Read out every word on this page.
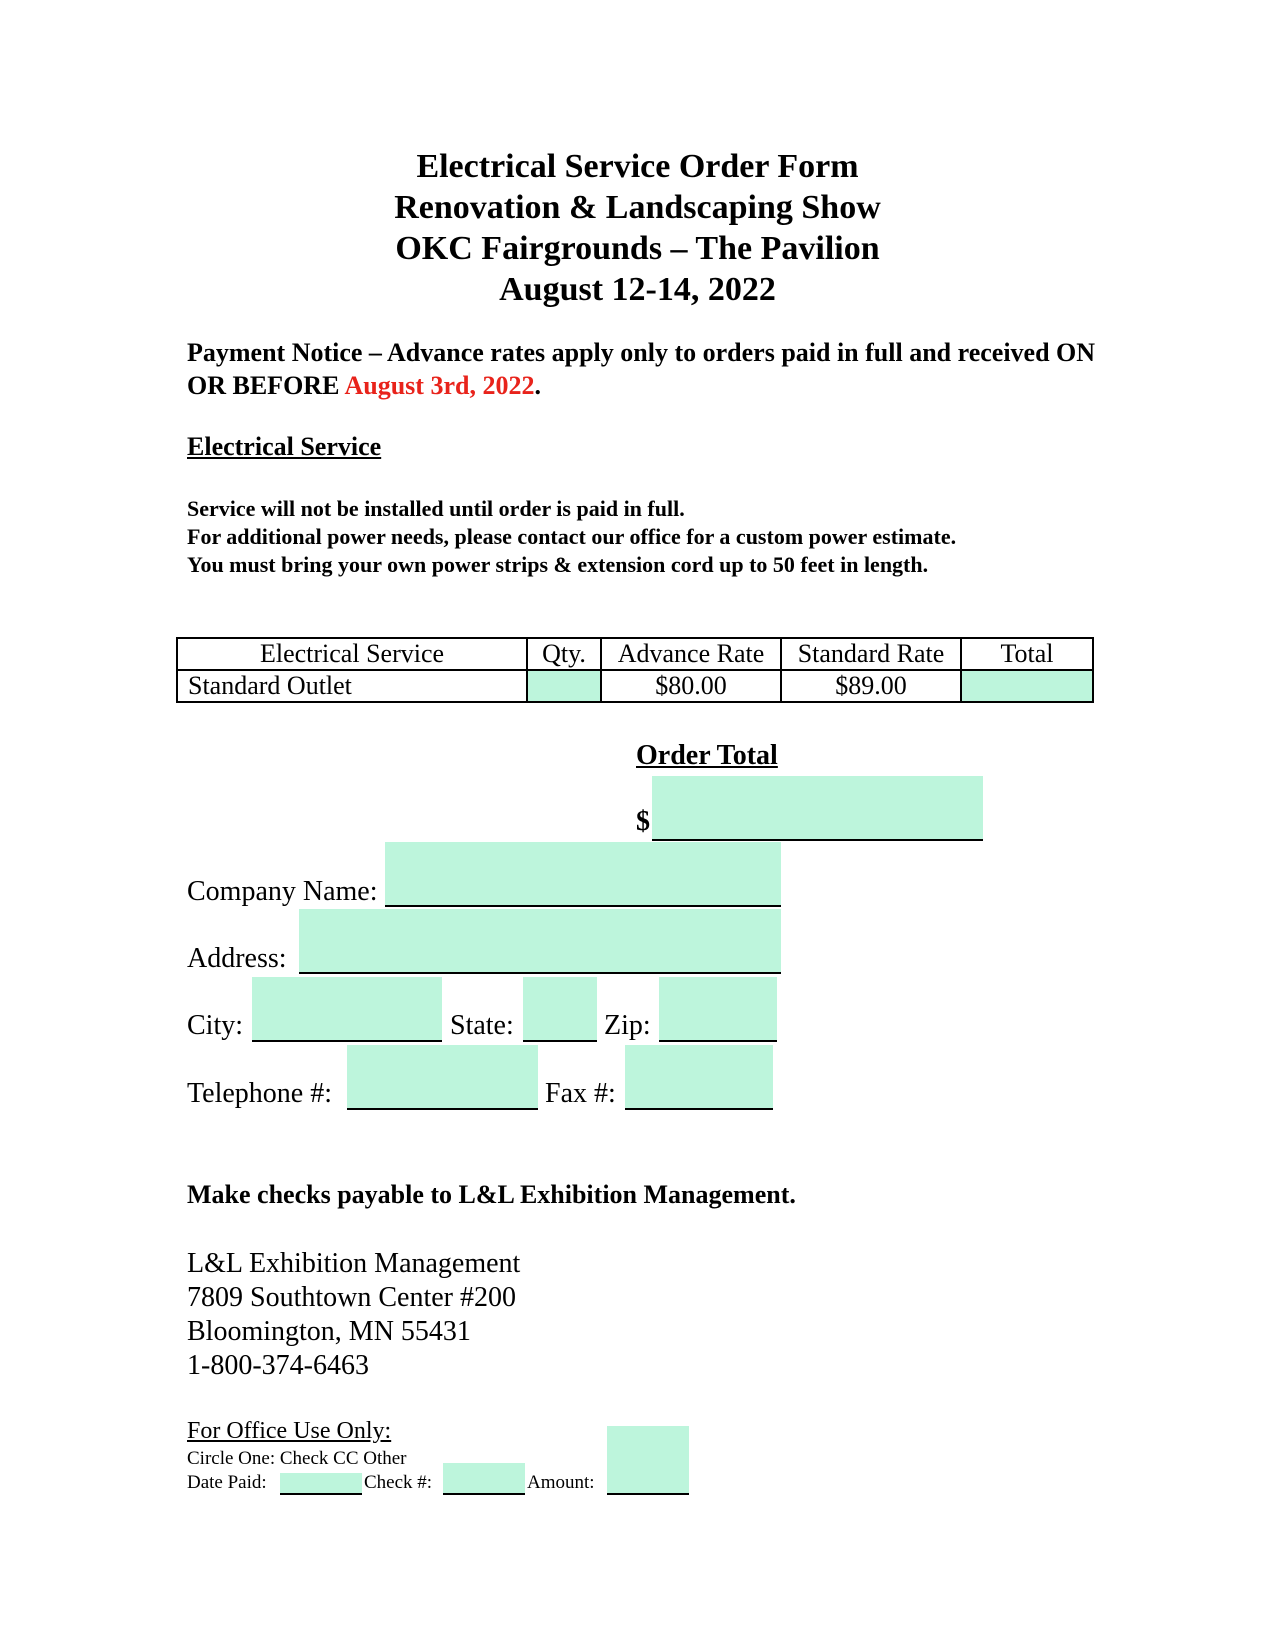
Electrical Service Order Form
Renovation & Landscaping Show
OKC Fairgrounds – The Pavilion
August 12-14, 2022
Payment Notice – Advance rates apply only to orders paid in full and received ON OR BEFORE August 3rd, 2022.
Electrical Service
Service will not be installed until order is paid in full.
For additional power needs, please contact our office for a custom power estimate.
You must bring your own power strips & extension cord up to 50 feet in length.
Electrical Service	Qty.	Advance Rate	Standard Rate	Total
Standard Outlet		$80.00	$89.00	
Order Total
$
Company Name:
Address:
City:	State:	Zip:
Telephone #:	Fax #:
Make checks payable to L&L Exhibition Management.
L&L Exhibition Management
7809 Southtown Center #200
Bloomington, MN 55431
1-800-374-6463
For Office Use Only:
Circle One: Check CC Other
Date Paid:	Check #:	Amount:
